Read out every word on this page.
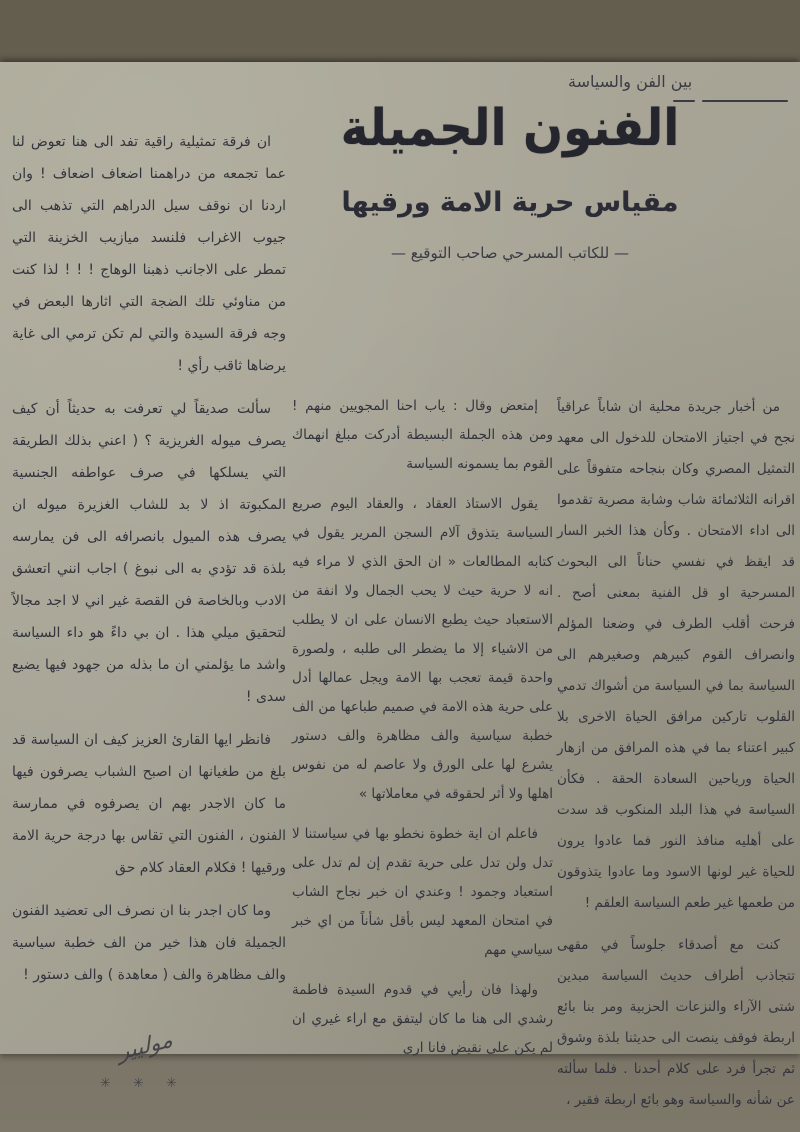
بين الفن والسياسة
الفنون الجميلة
مقياس حرية الامة ورقيها
— للكاتب المسرحي صاحب التوقيع —

من أخبار جريدة محلية ان شاباً عراقياً نجح في اجتياز الامتحان للدخول الى معهد التمثيل المصري وكان بنجاحه متفوقاً على اقرانه الثلاثمائة شاب وشابة مصرية تقدموا الى اداء الامتحان . وكأن هذا الخبر السار قد ايقظ في نفسي حناناً الى البحوث المسرحية او قل الفنية بمعنى أصح . فرحت أقلب الطرف في وضعنا المؤلم وانصراف القوم كبيرهم وصغيرهم الى السياسة بما في السياسة من أشواك تدمي القلوب تاركين مرافق الحياة الاخرى بلا كبير اعتناء بما في هذه المرافق من ازهار الحياة ورياحين السعادة الحقة . فكأن السياسة في هذا البلد المنكوب قد سدت على أهليه منافذ النور فما عادوا يرون للحياة غير لونها الاسود وما عادوا يتذوقون من طعمها غير طعم السياسة العلقم !

كنت مع أصدقاء جلوساً في مقهى تتجاذب أطراف حديث السياسة مبدين شتى الآراء والنزعات الحزبية ومر بنا بائع اربطة فوقف ينصت الى حديثنا بلذة وشوق ثم تجرأ فرد على كلام أحدنا . فلما سألته عن شأنه والسياسة وهو بائع اربطة فقير ،

إمتعض وقال : ياب احنا المجويين منهم ! ومن هذه الجملة البسيطة أدركت مبلغ انهماك القوم بما يسمونه السياسة

يقول الاستاذ العقاد ، والعقاد اليوم صريع السياسة يتذوق آلام السجن المرير يقول في كتابه المطالعات « ان الحق الذي لا مراء فيه انه لا حرية حيث لا يحب الجمال ولا انفة من الاستعباد حيث يطبع الانسان على ان لا يطلب من الاشياء إلا ما يضطر الى طلبه ، ولصورة واحدة قيمة تعجب بها الامة ويجل عمالها أدل على حرية هذه الامة في صميم طباعها من الف خطبة سياسية والف مظاهرة والف دستور يشرع لها على الورق ولا عاصم له من نفوس اهلها ولا أثر لحقوقه في معاملاتها »

فاعلم ان اية خطوة نخطو بها في سياستنا لا تدل ولن تدل على حرية تقدم إن لم تدل على استعباد وجمود ! وعندي ان خبر نجاح الشاب في امتحان المعهد ليس بأقل شأناً من اي خبر سياسي مهم

ولهذا فان رأيي في قدوم السيدة فاطمة رشدي الى هنا ما كان ليتفق مع اراء غيري ان لم يكن على نقيض فانا ارى

ان فرقة تمثيلية راقية تفد الى هنا تعوض لنا عما تجمعه من دراهمنا اضعاف اضعاف ! وان اردنا ان نوقف سيل الدراهم التي تذهب الى جيوب الاغراب فلنسد ميازيب الخزينة التي تمطر على الاجانب ذهبنا الوهاج ! ! ! لذا كنت من مناوئي تلك الضجة التي اثارها البعض في وجه فرقة السيدة والتي لم تكن ترمي الى غاية يرضاها ثاقب رأي !

سألت صديقاً لي تعرفت به حديثاً أن كيف يصرف ميوله الغريزية ؟ ( اعني بذلك الطريقة التي يسلكها في صرف عواطفه الجنسية المكبوتة اذ لا بد للشاب الغزيرة ميوله ان يصرف هذه الميول بانصرافه الى فن يمارسه بلذة قد تؤدي به الى نبوغ ) اجاب انني اتعشق الادب وبالخاصة فن القصة غير اني لا اجد مجالاً لتحقيق ميلي هذا . ان بي داءً هو داء السياسة واشد ما يؤلمني ان ما بذله من جهود فيها يضيع سدى !

فانظر ايها القارئ العزيز كيف ان السياسة قد بلغ من طغيانها ان اصبح الشباب يصرفون فيها ما كان الاجدر بهم ان يصرفوه في ممارسة الفنون ، الفنون التي تقاس بها درجة حرية الامة ورقيها ! فكلام العقاد كلام حق

وما كان اجدر بنا ان نصرف الى تعضيد الفنون الجميلة فان هذا خير من الف خطبة سياسية والف مظاهرة والف ( معاهدة ) والف دستور !

موليير
✳ ✳ ✳
